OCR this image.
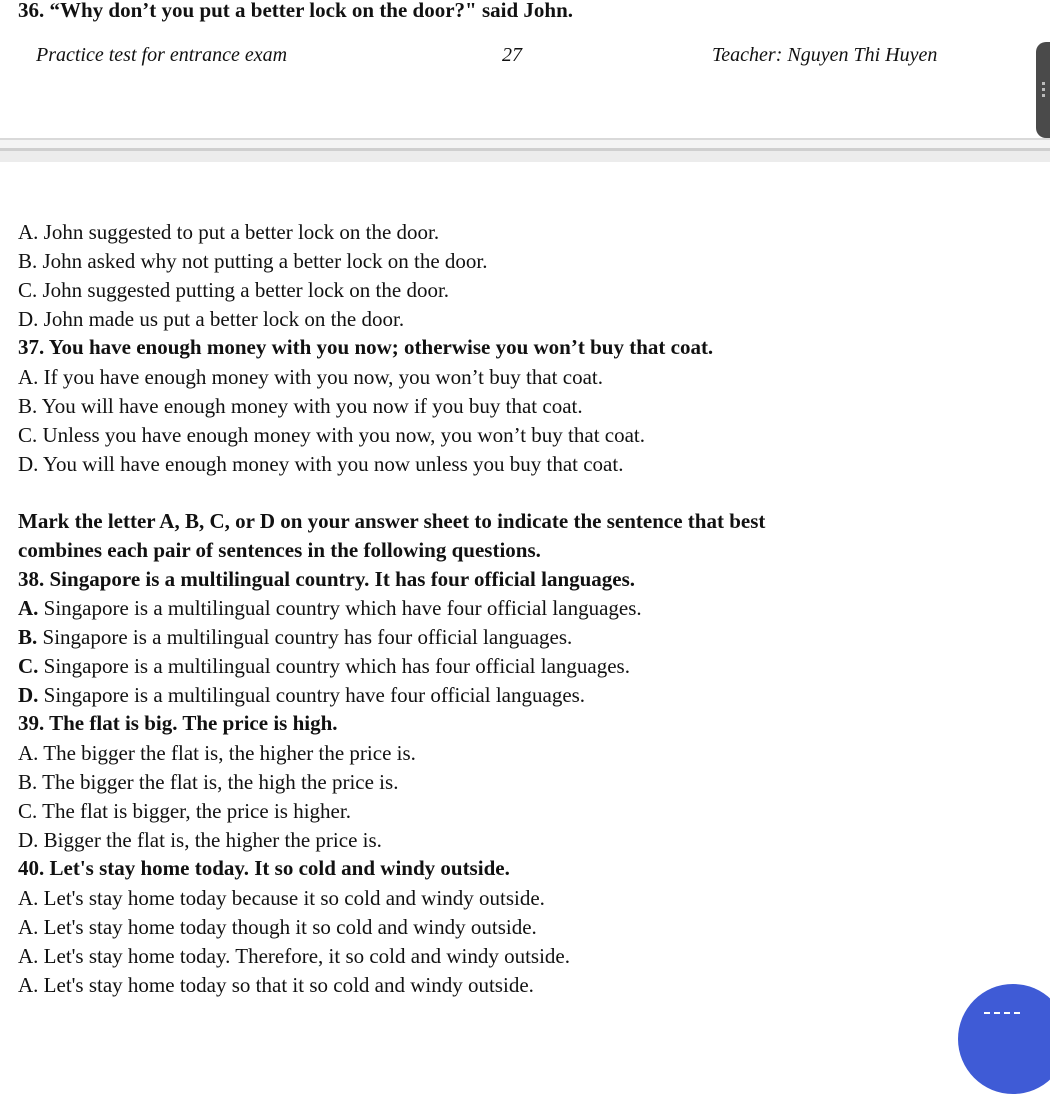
36. “Why don’t you put a better lock on the door?" said John.
Practice test for entrance exam	27	Teacher: Nguyen Thi Huyen
A. John suggested to put a better lock on the door.
B. John asked why not putting a better lock on the door.
C. John suggested putting a better lock on the door.
D. John made us put a better lock on the door.
37. You have enough money with you now; otherwise you won’t buy that coat.
A. If you have enough money with you now, you won’t buy that coat.
B. You will have enough money with you now if you buy that coat.
C. Unless you have enough money with you now, you won’t buy that coat.
D. You will have enough money with you now unless you buy that coat.
Mark the letter A, B, C, or D on your answer sheet to indicate the sentence that best
combines each pair of sentences in the following questions.
38. Singapore is a multilingual country. It has four official languages.
A. Singapore is a multilingual country which have four official languages.
B. Singapore is a multilingual country has four official languages.
C. Singapore is a multilingual country which has four official languages.
D. Singapore is a multilingual country have four official languages.
39. The flat is big. The price is high.
A. The bigger the flat is, the higher the price is.
B. The bigger the flat is, the high the price is.
C. The flat is bigger, the price is higher.
D. Bigger the flat is, the higher the price is.
40. Let's stay home today. It so cold and windy outside.
A. Let's stay home today because it so cold and windy outside.
A. Let's stay home today though it so cold and windy outside.
A. Let's stay home today. Therefore, it so cold and windy outside.
A. Let's stay home today so that it so cold and windy outside.
